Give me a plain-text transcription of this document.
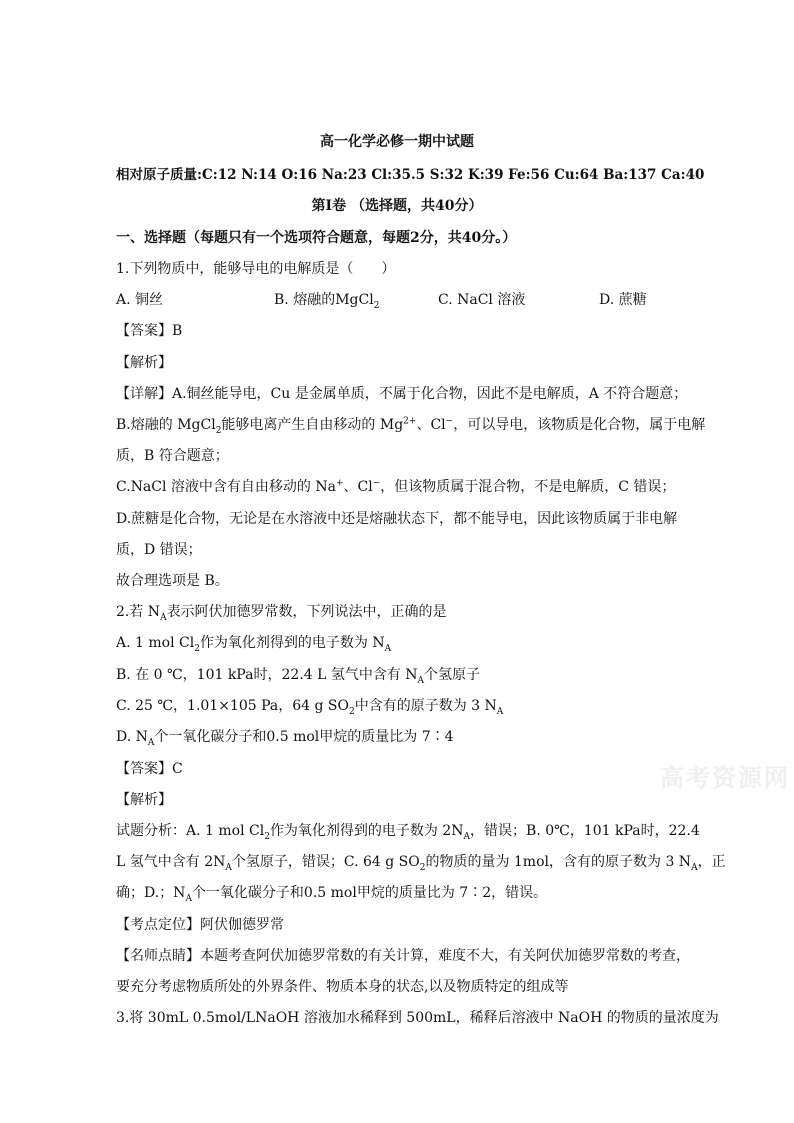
高一化学必修一期中试题
相对原子质量:C:12 N:14 O:16 Na:23 Cl:35.5 S:32 K:39 Fe:56 Cu:64 Ba:137 Ca:40
第Ⅰ卷 （选择题，共40分）
一、选择题（每题只有一个选项符合题意，每题2分，共40分。）
1.下列物质中，能够导电的电解质是（　　）
A. 铜丝	B. 熔融的MgCl$_2$	C. NaCl 溶液	D. 蔗糖
【答案】B
【解析】
【详解】A.铜丝能导电，Cu 是金属单质，不属于化合物，因此不是电解质，A 不符合题意；
B.熔融的 MgCl$_2$能够电离产生自由移动的 $Mg^{2+}$、Cl−，可以导电，该物质是化合物，属于电解
质，B 符合题意；
C.NaCl 溶液中含有自由移动的 Na+、Cl−，但该物质属于混合物，不是电解质，C 错误；
D.蔗糖是化合物，无论是在水溶液中还是熔融状态下，都不能导电，因此该物质属于非电解
质，D 错误；
故合理选项是 B。
2.若 $N_A$表示阿伏加德罗常数，下列说法中，正确的是
A. 1 mol $Cl_2$作为氧化剂得到的电子数为 $N_A$
B. 在 0 ℃，101 kPa时，22.4 L 氢气中含有 $N_A$个氢原子
C. 25 ℃，1.01×105 Pa，64 g $SO_2$中含有的原子数为 3 $N_A$
D. $N_A$个一氧化碳分子和0.5 mol甲烷的质量比为 7∶4
【答案】C
【解析】
试题分析：A. 1 mol $Cl_2$作为氧化剂得到的电子数为 $2N_A$，错误；B. 0℃，101 kPa时，22.4
L 氢气中含有 $2N_A$个氢原子，错误；C. 64 g $SO_2$的物质的量为 1mol，含有的原子数为 3 $N_A$，正
确；D.；$N_A$个一氧化碳分子和0.5 mol甲烷的质量比为 7∶2，错误。
【考点定位】阿伏伽德罗常
【名师点睛】本题考查阿伏加德罗常数的有关计算，难度不大，有关阿伏加德罗常数的考查，
要充分考虑物质所处的外界条件、物质本身的状态,以及物质特定的组成等
3.将 30mL 0.5mol/LNaOH 溶液加水稀释到 500mL，稀释后溶液中 NaOH 的物质的量浓度为
高考资源网
